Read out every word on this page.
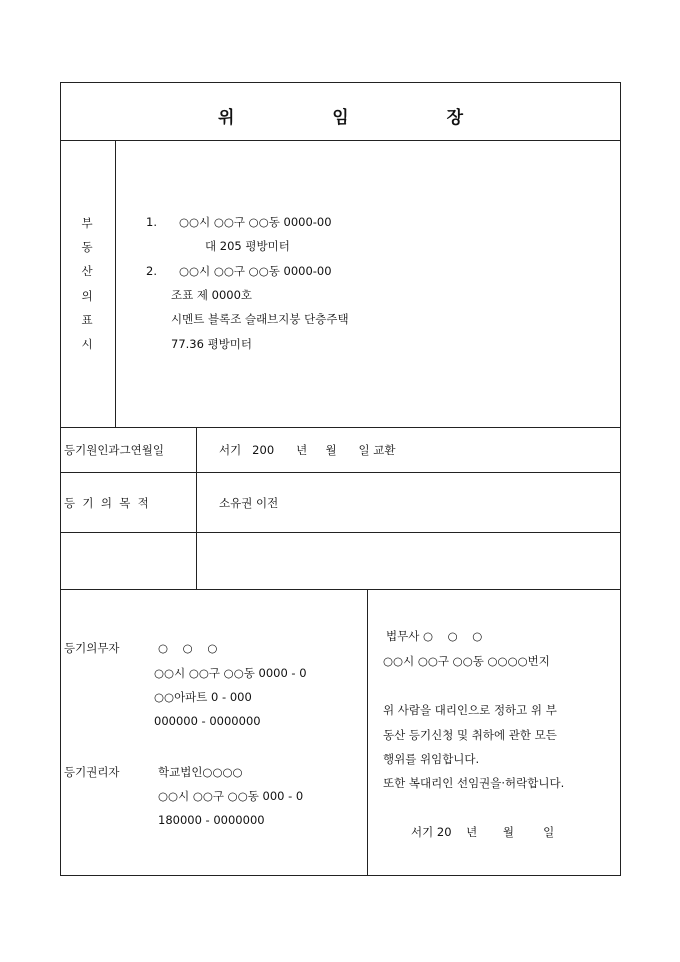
위 임 장
부
동
산
의
표
시
1. ○○시 ○○구 ○○동 0000-00
대 205 평방미터
2. ○○시 ○○구 ○○동 0000-00
조표 제 0000호
시멘트 블록조 슬래브지붕 단층주택
77.36 평방미터
등기원인과그연월일	서기   200      년     월      일 교환
등  기  의  목  적	소유권 이전
등기의무자	○    ○    ○
○○시 ○○구 ○○동 0000 - 0
○○아파트 0 - 000
000000 - 0000000
등기권리자	학교법인○○○○
○○시 ○○구 ○○동 000 - 0
180000 - 0000000
법무사 ○    ○    ○
○○시 ○○구 ○○동 ○○○○번지
위 사람을 대리인으로 정하고 위 부
동산 등기신청 및 취하에 관한 모든
행위를 위임합니다.
또한 복대리인 선임권을·허락합니다.
서기 20    년       월        일
